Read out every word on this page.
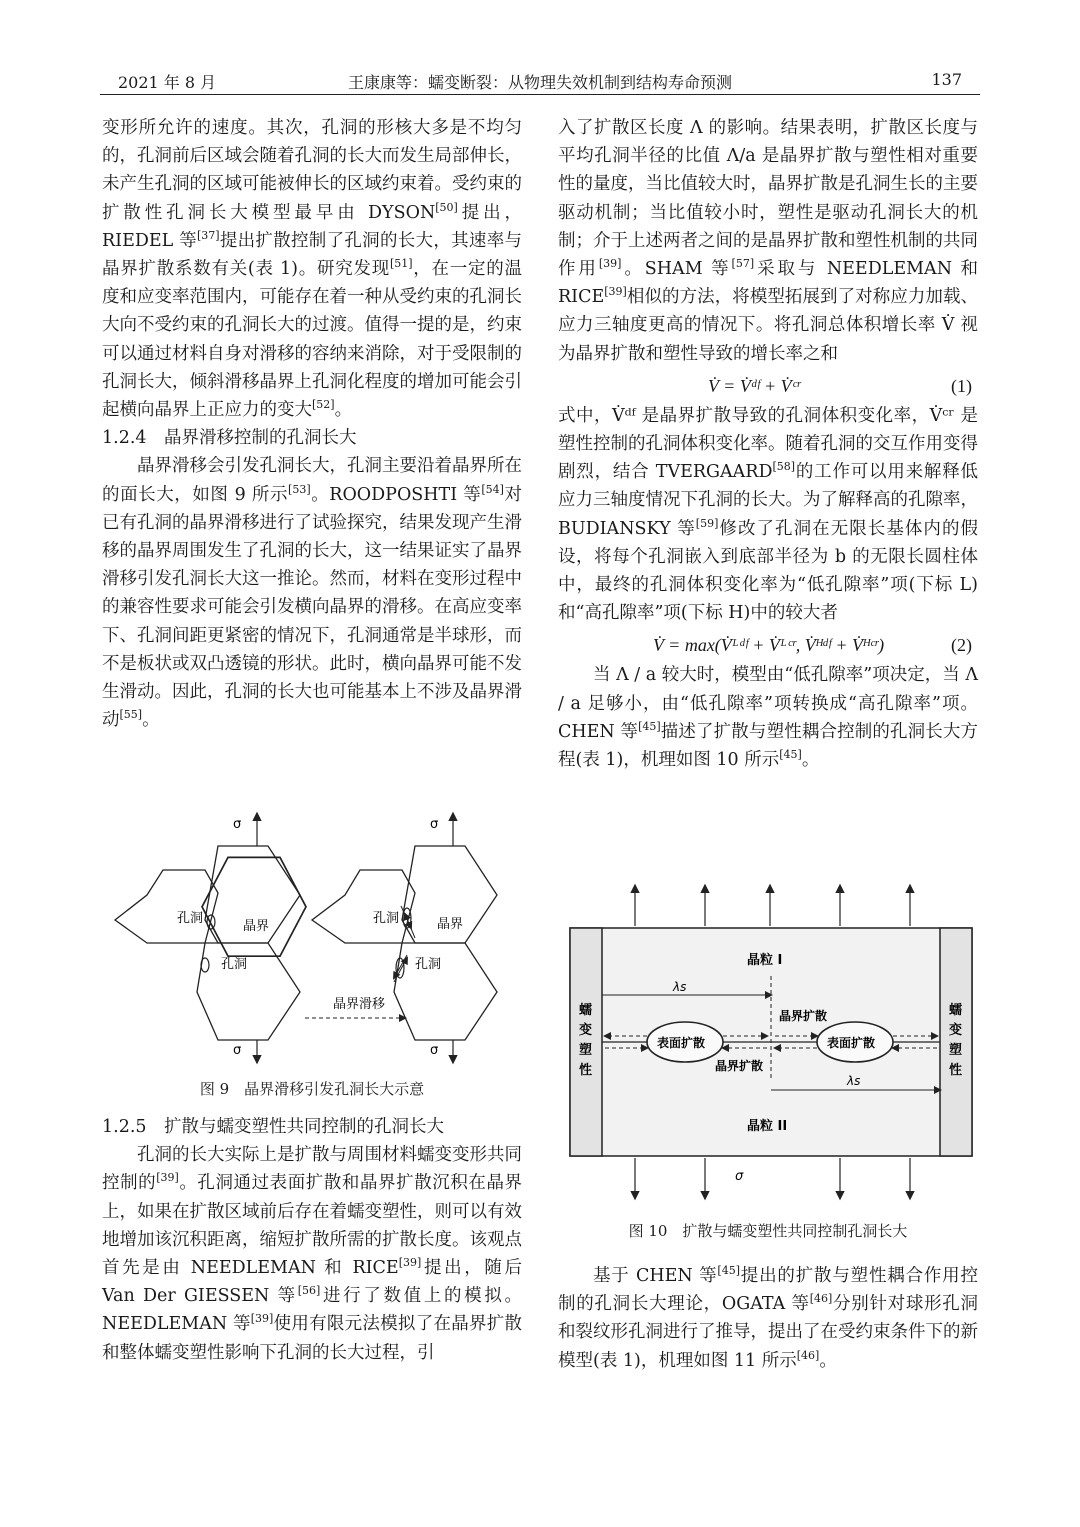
2021 年 8 月	王康康等：蠕变断裂：从物理失效机制到结构寿命预测	137

变形所允许的速度。其次，孔洞的形核大多是不均匀的，孔洞前后区域会随着孔洞的长大而发生局部伸长，未产生孔洞的区域可能被伸长的区域约束着。受约束的扩散性孔洞长大模型最早由 DYSON[50]提出，RIEDEL 等[37]提出扩散控制了孔洞的长大，其速率与晶界扩散系数有关(表 1)。研究发现[51]，在一定的温度和应变率范围内，可能存在着一种从受约束的孔洞长大向不受约束的孔洞长大的过渡。值得一提的是，约束可以通过材料自身对滑移的容纳来消除，对于受限制的孔洞长大，倾斜滑移晶界上孔洞化程度的增加可能会引起横向晶界上正应力的变大[52]。

1.2.4　晶界滑移控制的孔洞长大

晶界滑移会引发孔洞长大，孔洞主要沿着晶界所在的面长大，如图 9 所示[53]。ROODPOSHTI 等[54]对已有孔洞的晶界滑移进行了试验探究，结果发现产生滑移的晶界周围发生了孔洞的长大，这一结果证实了晶界滑移引发孔洞长大这一推论。然而，材料在变形过程中的兼容性要求可能会引发横向晶界的滑移。在高应变率下、孔洞间距更紧密的情况下，孔洞通常是半球形，而不是板状或双凸透镜的形状。此时，横向晶界可能不发生滑动。因此，孔洞的长大也可能基本上不涉及晶界滑动[55]。

σ
σ
σ
σ
孔洞
孔洞
晶界
孔洞
孔洞
晶界
晶界滑移
图 9　晶界滑移引发孔洞长大示意

1.2.5　扩散与蠕变塑性共同控制的孔洞长大

孔洞的长大实际上是扩散与周围材料蠕变变形共同控制的[39]。孔洞通过表面扩散和晶界扩散沉积在晶界上，如果在扩散区域前后存在着蠕变塑性，则可以有效地增加该沉积距离，缩短扩散所需的扩散长度。该观点首先是由 NEEDLEMAN 和 RICE[39]提出，随后 Van Der GIESSEN 等[56]进行了数值上的模拟。NEEDLEMAN 等[39]使用有限元法模拟了在晶界扩散和整体蠕变塑性影响下孔洞的长大过程，引

入了扩散区长度 Λ 的影响。结果表明，扩散区长度与平均孔洞半径的比值 Λ/a 是晶界扩散与塑性相对重要性的量度，当比值较大时，晶界扩散是孔洞生长的主要驱动机制；当比值较小时，塑性是驱动孔洞长大的机制；介于上述两者之间的是晶界扩散和塑性机制的共同作用[39]。SHAM 等[57]采取与 NEEDLEMAN 和 RICE[39]相似的方法，将模型拓展到了对称应力加载、应力三轴度更高的情况下。将孔洞总体积增长率 V̇ 视为晶界扩散和塑性导致的增长率之和

V̇ = V̇ᵈᶠ + V̇ᶜʳ	(1)

式中，V̇ᵈᶠ 是晶界扩散导致的孔洞体积变化率，V̇ᶜʳ 是塑性控制的孔洞体积变化率。随着孔洞的交互作用变得剧烈，结合 TVERGAARD[58]的工作可以用来解释低应力三轴度情况下孔洞的长大。为了解释高的孔隙率，BUDIANSKY 等[59]修改了孔洞在无限长基体内的假设，将每个孔洞嵌入到底部半径为 b 的无限长圆柱体中，最终的孔洞体积变化率为“低孔隙率”项(下标 L)和“高孔隙率”项(下标 H)中的较大者

V̇ = max(V̇ᴸᵈᶠ + V̇ᴸᶜʳ, V̇ᴴᵈᶠ + V̇ᴴᶜʳ)	(2)

当 Λ / a 较大时，模型由“低孔隙率”项决定，当 Λ / a 足够小，由“低孔隙率”项转换成“高孔隙率”项。CHEN 等[45]描述了扩散与塑性耦合控制的孔洞长大方程(表 1)，机理如图 10 所示[45]。

晶粒 I
晶粒 II
λs
λs
表面扩散	表面扩散
晶界扩散
晶界扩散
蠕
变
塑
性
蠕
变
塑
性
σ
图 10　扩散与蠕变塑性共同控制孔洞长大

基于 CHEN 等[45]提出的扩散与塑性耦合作用控制的孔洞长大理论，OGATA 等[46]分别针对球形孔洞和裂纹形孔洞进行了推导，提出了在受约束条件下的新模型(表 1)，机理如图 11 所示[46]。
